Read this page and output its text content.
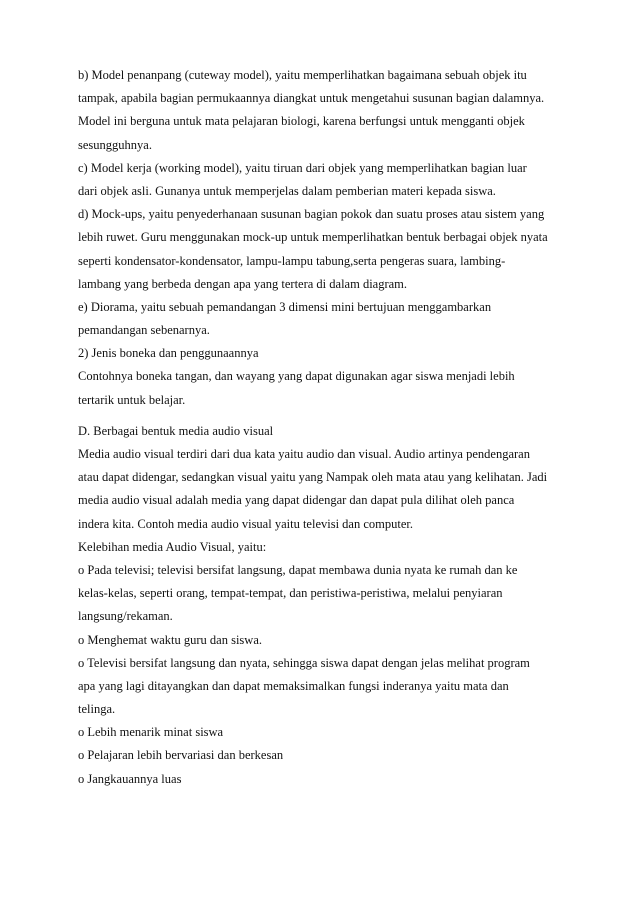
b) Model penanpang (cuteway model), yaitu memperlihatkan bagaimana sebuah objek itu
tampak, apabila bagian permukaannya diangkat untuk mengetahui susunan bagian dalamnya.
Model ini berguna untuk mata pelajaran biologi, karena berfungsi untuk mengganti objek
sesungguhnya.
c) Model kerja (working model), yaitu tiruan dari objek yang memperlihatkan bagian luar
dari objek asli. Gunanya untuk memperjelas dalam pemberian materi kepada siswa.
d) Mock-ups, yaitu penyederhanaan susunan bagian pokok dan suatu proses atau sistem yang
lebih ruwet. Guru menggunakan mock-up untuk memperlihatkan bentuk berbagai objek nyata
seperti kondensator-kondensator, lampu-lampu tabung,serta pengeras suara, lambing-
lambang yang berbeda dengan apa yang tertera di dalam diagram.
e) Diorama, yaitu sebuah pemandangan 3 dimensi mini bertujuan menggambarkan
pemandangan sebenarnya.
2) Jenis boneka dan penggunaannya
Contohnya boneka tangan, dan wayang yang dapat digunakan agar siswa menjadi lebih
tertarik untuk belajar.
D. Berbagai bentuk media audio visual
Media audio visual terdiri dari dua kata yaitu audio dan visual. Audio artinya pendengaran
atau dapat didengar, sedangkan visual yaitu yang Nampak oleh mata atau yang kelihatan. Jadi
media audio visual adalah media yang dapat didengar dan dapat pula dilihat oleh panca
indera kita. Contoh media audio visual yaitu televisi dan computer.
Kelebihan media Audio Visual, yaitu:
o Pada televisi; televisi bersifat langsung, dapat membawa dunia nyata ke rumah dan ke
kelas-kelas, seperti orang, tempat-tempat, dan peristiwa-peristiwa, melalui penyiaran
langsung/rekaman.
o Menghemat waktu guru dan siswa.
o Televisi bersifat langsung dan nyata, sehingga siswa dapat dengan jelas melihat program
apa yang lagi ditayangkan dan dapat memaksimalkan fungsi inderanya yaitu mata dan
telinga.
o Lebih menarik minat siswa
o Pelajaran lebih bervariasi dan berkesan
o Jangkauannya luas
